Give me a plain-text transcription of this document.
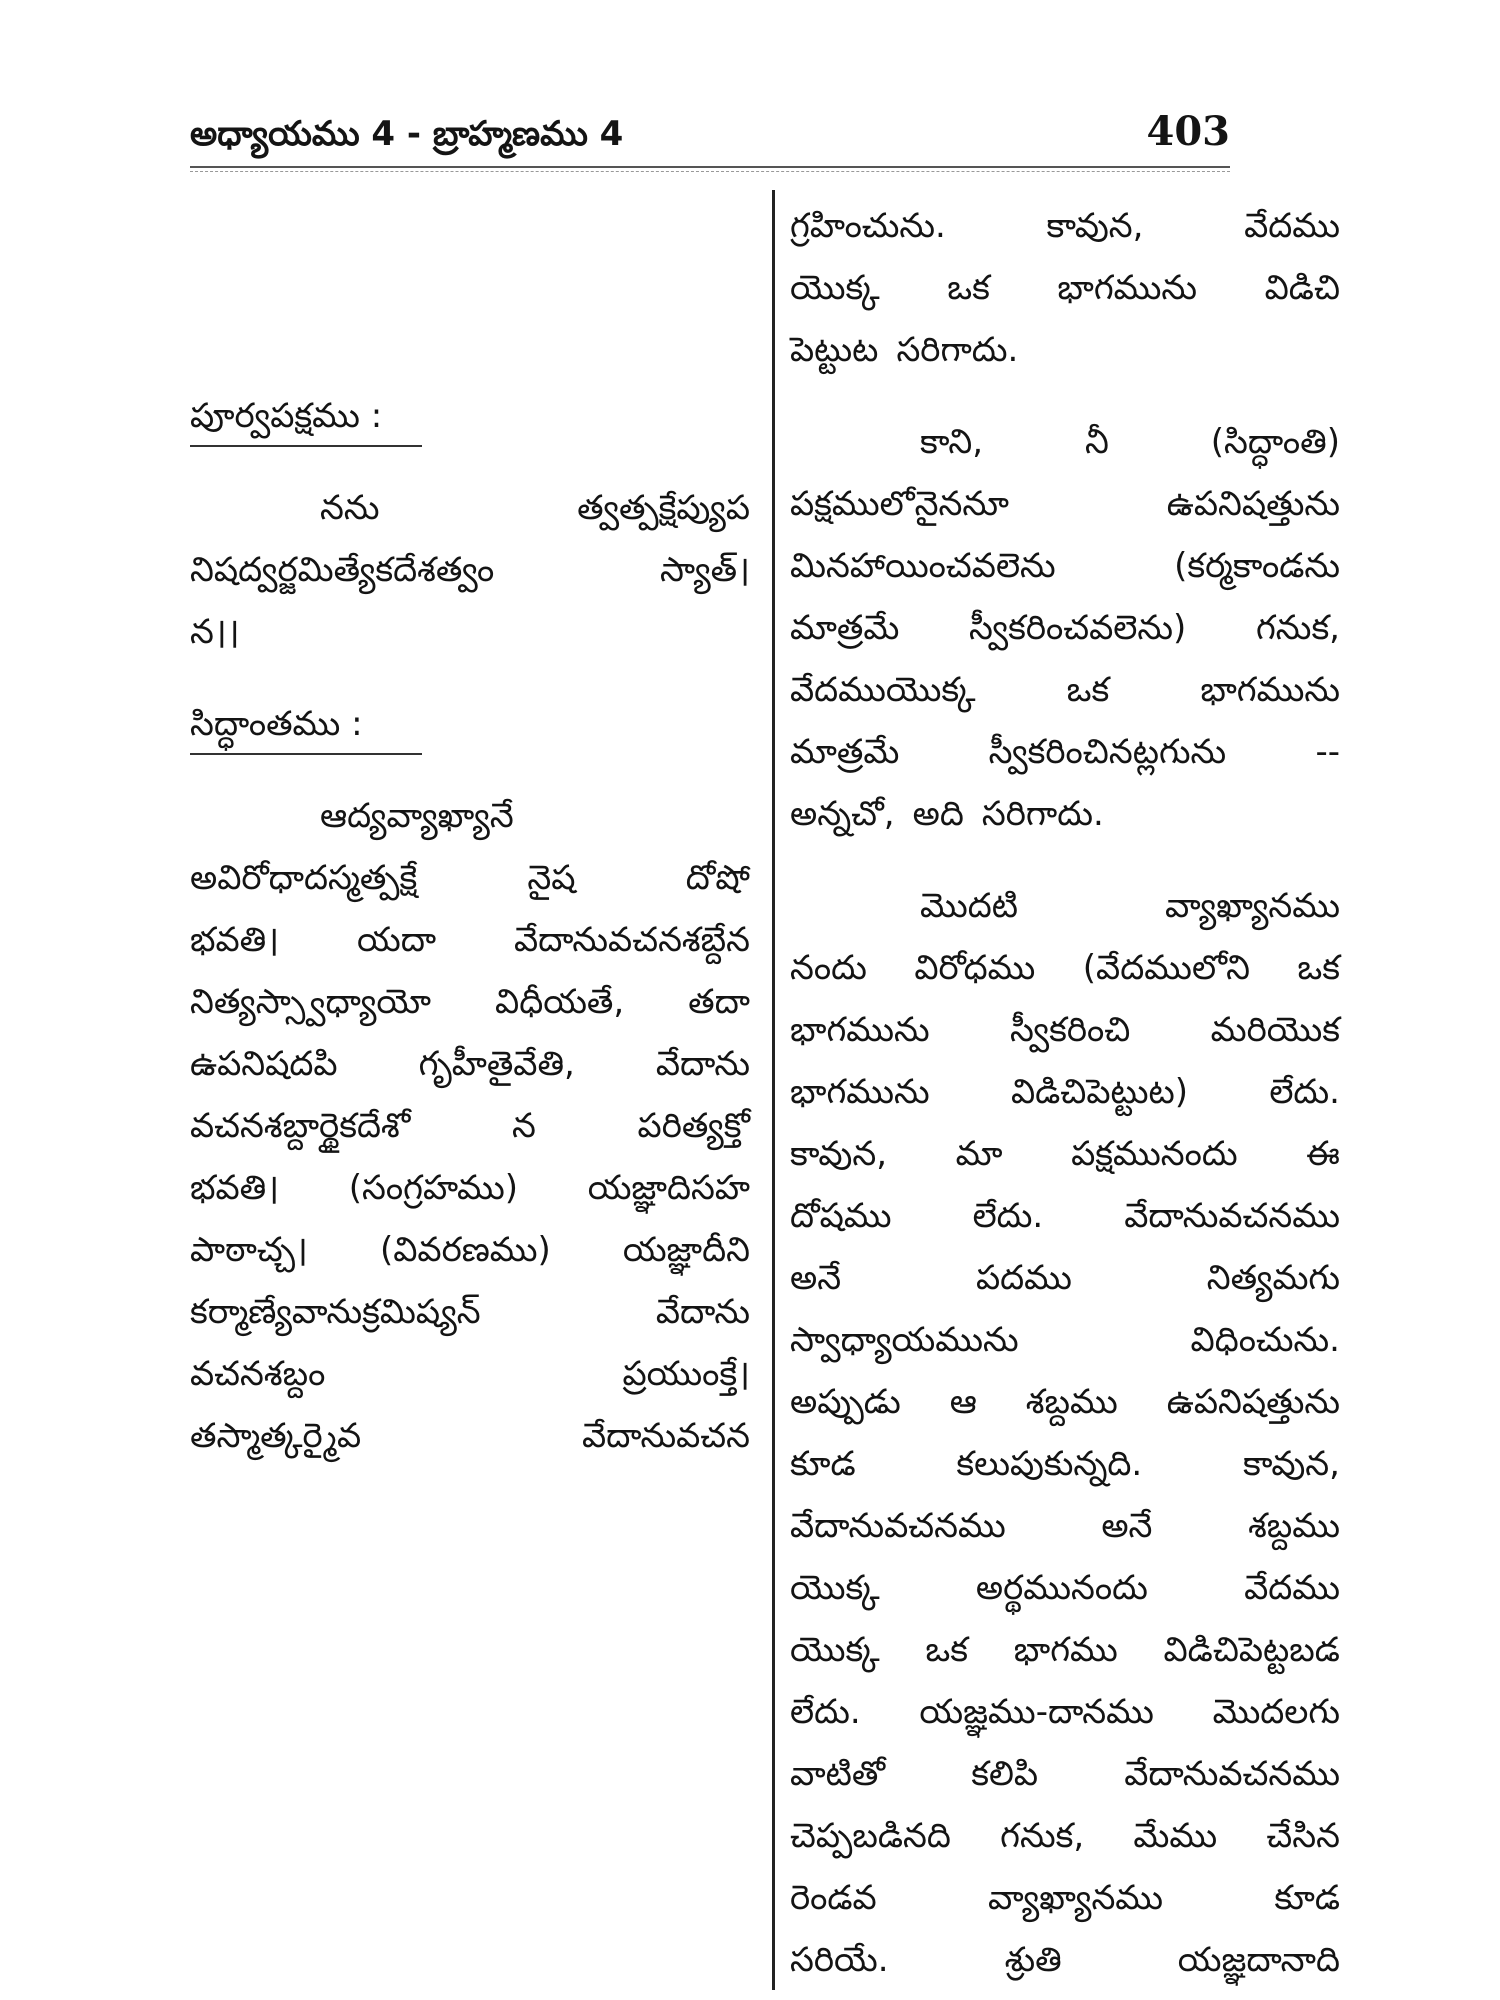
అధ్యాయము 4 - బ్రాహ్మణము 4	403
పూర్వపక్షము :
నను	త్వత్పక్షేప్యుప
నిషద్వర్జమిత్యేకదేశత్వం	స్యాత్।
న।।
సిద్ధాంతము :
ఆద్యవ్యాఖ్యానే
అవిరోధాదస్మత్పక్షే	నైష	దోషో
భవతి। యదా వేదానువచనశబ్దేన
నిత్యస్స్వాధ్యాయో విధీయతే, తదా
ఉపనిషదపి గృహీతైవేతి, వేదాను
వచనశబ్దార్థైకదేశో	న	పరిత్యక్తో
భవతి। (సంగ్రహము) యజ్ఞాదిసహ
పాఠాచ్చ। (వివరణము) యజ్ఞాదీని
కర్మాణ్యేవానుక్రమిష్యన్	వేదాను
వచనశబ్దం	ప్రయుంక్తే।
తస్మాత్కర్మైవ	వేదానువచన
గ్రహించును.	కావున,	వేదము
యొక్క ఒక భాగమును విడిచి
పెట్టుట సరిగాదు.
కాని,	నీ	(సిద్ధాంతి)
పక్షములోనైననూ	ఉపనిషత్తును
మినహాయించవలెను	(కర్మకాండను
మాత్రమే స్వీకరించవలెను) గనుక,
వేదముయొక్క	ఒక	భాగమును
మాత్రమే	స్వీకరించినట్లగును	--
అన్నచో, అది సరిగాదు.
మొదటి	వ్యాఖ్యానము
నందు విరోధము (వేదములోని ఒక
భాగమును స్వీకరించి మరియొక
భాగమును విడిచిపెట్టుట) లేదు.
కావున, మా పక్షమునందు ఈ
దోషము లేదు. వేదానువచనము
అనే	పదము	నిత్యమగు
స్వాధ్యాయమును	విధించును.
అప్పుడు ఆ శబ్దము ఉపనిషత్తును
కూడ	కలుపుకున్నది.	కావున,
వేదానువచనము	అనే	శబ్దము
యొక్క	అర్థమునందు	వేదము
యొక్క ఒక భాగము విడిచిపెట్టబడ
లేదు. యజ్ఞము-దానము మొదలగు
వాటితో	కలిపి	వేదానువచనము
చెప్పబడినది గనుక, మేము చేసిన
రెండవ	వ్యాఖ్యానము	కూడ
సరియే.	శ్రుతి	యజ్ఞదానాది
